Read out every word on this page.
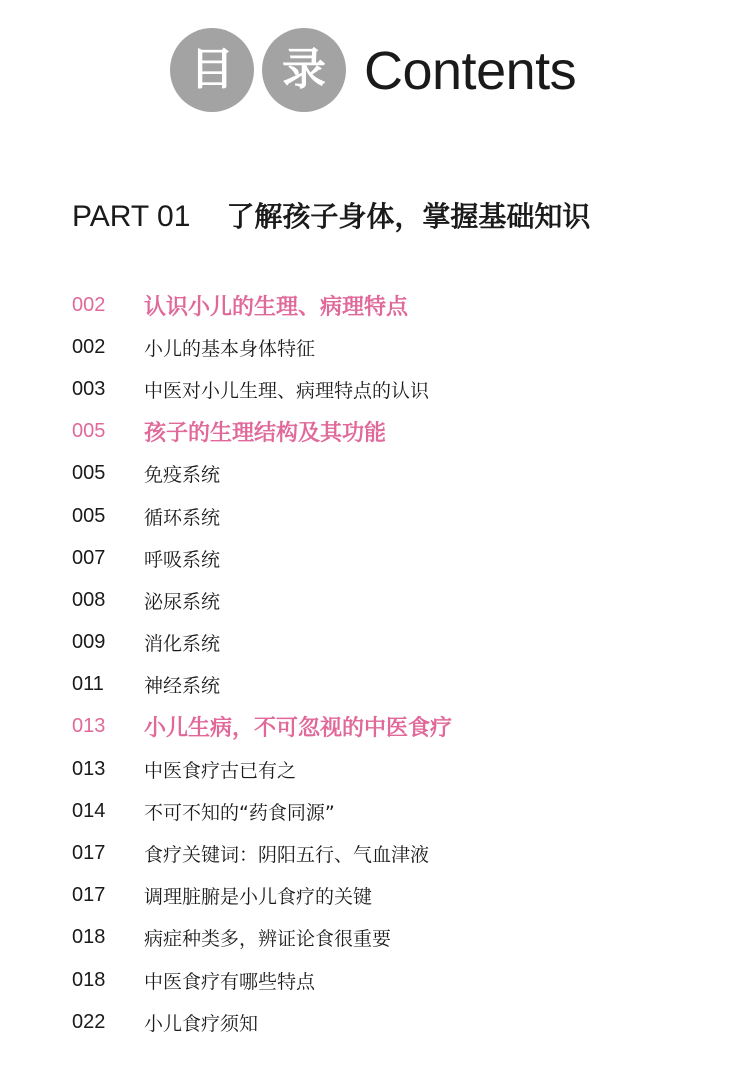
目	录 Contents
PART 01 了解孩子身体，掌握基础知识
002	认识小儿的生理、病理特点
002	小儿的基本身体特征
003	中医对小儿生理、病理特点的认识
005	孩子的生理结构及其功能
005	免疫系统
005	循环系统
007	呼吸系统
008	泌尿系统
009	消化系统
011	神经系统
013	小儿生病，不可忽视的中医食疗
013	中医食疗古已有之
014	不可不知的“药食同源”
017	食疗关键词：阴阳五行、气血津液
017	调理脏腑是小儿食疗的关键
018	病症种类多，辨证论食很重要
018	中医食疗有哪些特点
022	小儿食疗须知
